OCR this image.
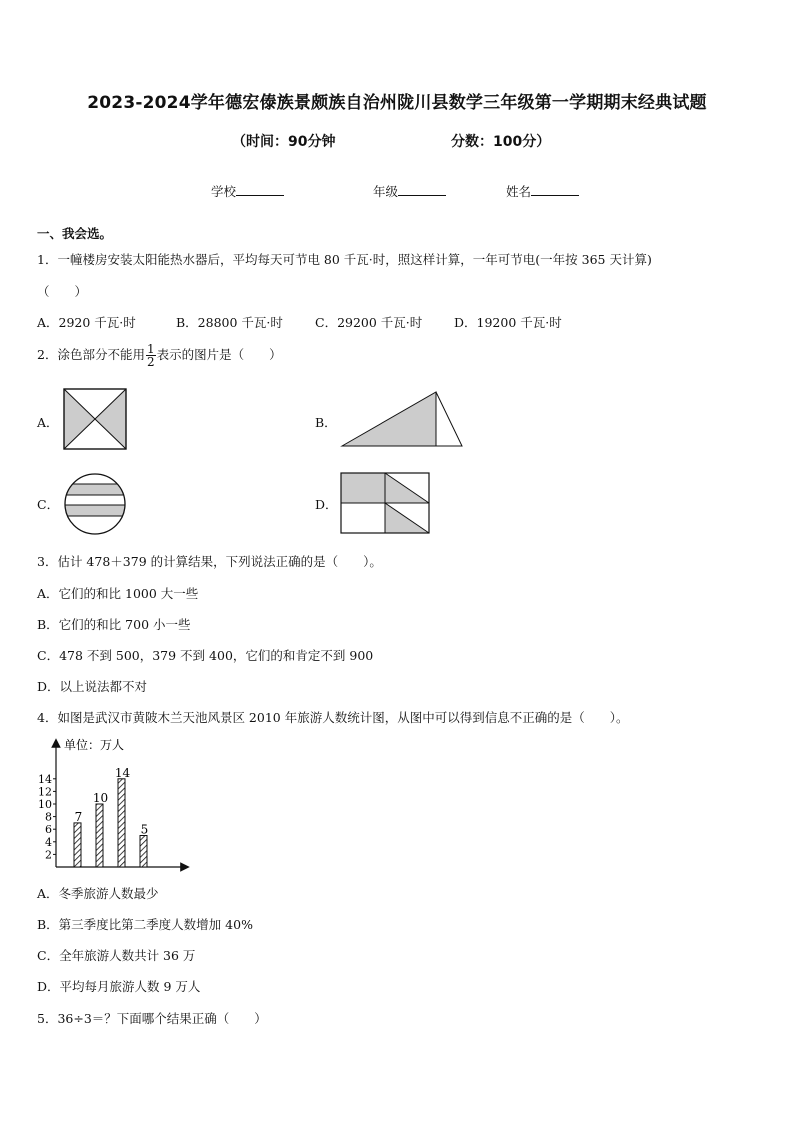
2023-2024学年德宏傣族景颇族自治州陇川县数学三年级第一学期期末经典试题
（时间：90分钟	分数：100分）
学校	年级	姓名
一、我会选。
1．一幢楼房安装太阳能热水器后，平均每天可节电 80 千瓦·时，照这样计算，一年可节电(一年按 365 天计算)
（　　）
A．2920 千瓦·时	B．28800 千瓦·时	C．29200 千瓦·时	D．19200 千瓦·时
2．涂色部分不能用 $\frac{1}{2}$ 表示的图片是（　　）
A．	B．
C．	D．
3．估计 478＋379 的计算结果，下列说法正确的是（　　）。
A．它们的和比 1000 大一些
B．它们的和比 700 小一些
C．478 不到 500，379 不到 400，它们的和肯定不到 900
D．以上说法都不对
4．如图是武汉市黄陂木兰天池风景区 2010 年旅游人数统计图，从图中可以得到信息不正确的是（　　）。
单位：万人
2
4
6
8
10
12
14
7
10
14
5
A．冬季旅游人数最少
B．第三季度比第二季度人数增加 40%
C．全年旅游人数共计 36 万
D．平均每月旅游人数 9 万人
5．36÷3＝？下面哪个结果正确（　　）
